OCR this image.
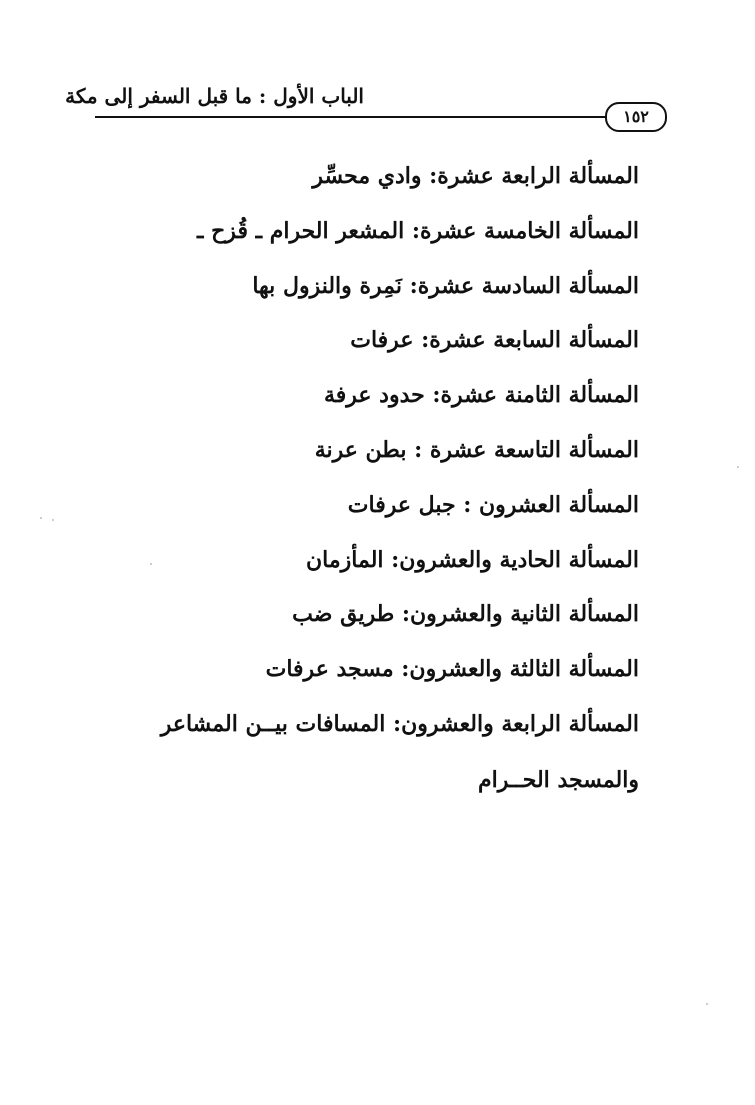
الباب الأول : ما قبل السفر إلى مكة
١٥٢
المسألة الرابعة عشرة: وادي محسِّر
المسألة الخامسة عشرة: المشعر الحرام ـ قُزح ـ
المسألة السادسة عشرة: نَمِرة والنزول بها
المسألة السابعة عشرة: عرفات
المسألة الثامنة عشرة: حدود عرفة
المسألة التاسعة عشرة : بطن عرنة
المسألة العشرون : جبل عرفات
المسألة الحادية والعشرون: المأزمان
المسألة الثانية والعشرون: طريق ضب
المسألة الثالثة والعشرون: مسجد عرفات
المسألة الرابعة والعشرون: المسافات بيــن المشاعر والمسجد الحــرام
